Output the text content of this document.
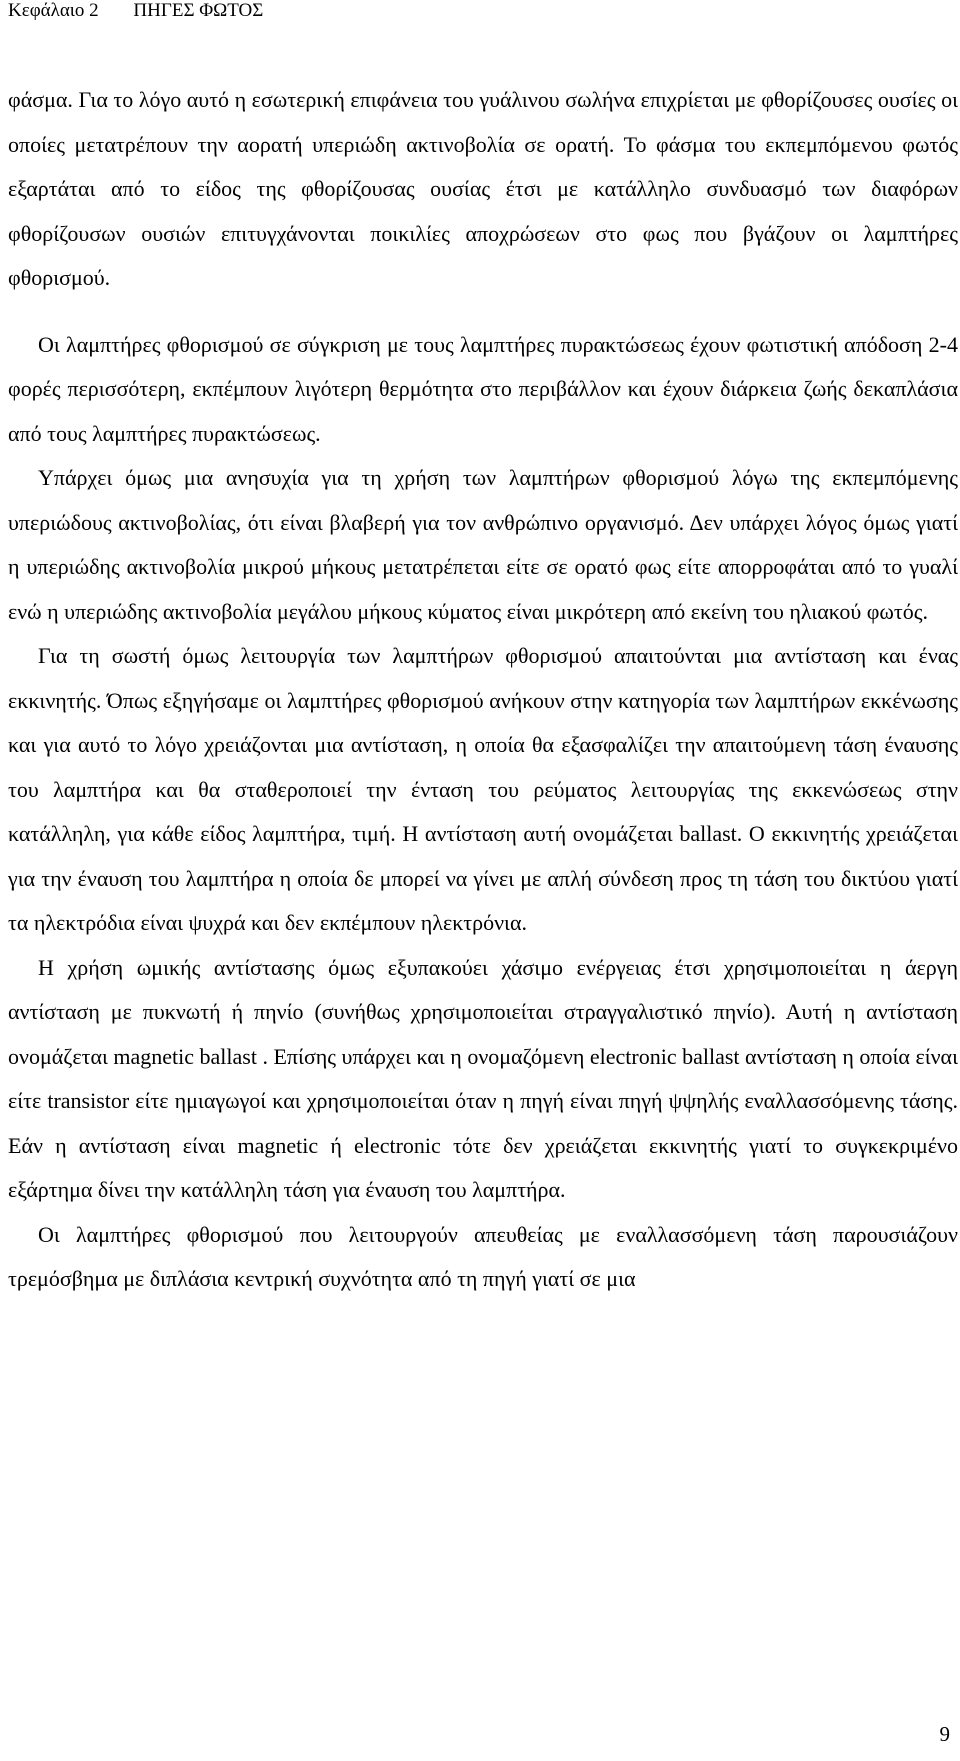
Κεφάλαιο 2 ΠΗΓΕΣ ΦΩΤΟΣ

φάσμα. Για το λόγο αυτό η εσωτερική επιφάνεια του γυάλινου σωλήνα επιχρίεται με φθορίζουσες ουσίες οι οποίες μετατρέπουν την αορατή υπεριώδη ακτινοβολία σε ορατή. Το φάσμα του εκπεμπόμενου φωτός εξαρτάται από το είδος της φθορίζουσας ουσίας έτσι με κατάλληλο συνδυασμό των διαφόρων φθορίζουσων ουσιών επιτυγχάνονται ποικιλίες αποχρώσεων στο φως που βγάζουν οι λαμπτήρες φθορισμού.

Οι λαμπτήρες φθορισμού σε σύγκριση με τους λαμπτήρες πυρακτώσεως έχουν φωτιστική απόδοση 2-4 φορές περισσότερη, εκπέμπουν λιγότερη θερμότητα στο περιβάλλον και έχουν διάρκεια ζωής δεκαπλάσια από τους λαμπτήρες πυρακτώσεως.

Υπάρχει όμως μια ανησυχία για τη χρήση των λαμπτήρων φθορισμού λόγω της εκπεμπόμενης υπεριώδους ακτινοβολίας, ότι είναι βλαβερή για τον ανθρώπινο οργανισμό. Δεν υπάρχει λόγος όμως γιατί η υπεριώδης ακτινοβολία μικρού μήκους μετατρέπεται είτε σε ορατό φως είτε απορροφάται από το γυαλί ενώ η υπεριώδης ακτινοβολία μεγάλου μήκους κύματος είναι μικρότερη από εκείνη του ηλιακού φωτός.

Για τη σωστή όμως λειτουργία των λαμπτήρων φθορισμού απαιτούνται μια αντίσταση και ένας εκκινητής. Όπως εξηγήσαμε οι λαμπτήρες φθορισμού ανήκουν στην κατηγορία των λαμπτήρων εκκένωσης και για αυτό το λόγο χρειάζονται μια αντίσταση, η οποία θα εξασφαλίζει την απαιτούμενη τάση έναυσης του λαμπτήρα και θα σταθεροποιεί την ένταση του ρεύματος λειτουργίας της εκκενώσεως στην κατάλληλη, για κάθε είδος λαμπτήρα, τιμή. Η αντίσταση αυτή ονομάζεται ballast. Ο εκκινητής χρειάζεται για την έναυση του λαμπτήρα η οποία δε μπορεί να γίνει με απλή σύνδεση προς τη τάση του δικτύου γιατί τα ηλεκτρόδια είναι ψυχρά και δεν εκπέμπουν ηλεκτρόνια.

Η χρήση ωμικής αντίστασης όμως εξυπακούει χάσιμο ενέργειας έτσι χρησιμοποιείται η άεργη αντίσταση με πυκνωτή ή πηνίο (συνήθως χρησιμοποιείται στραγγαλιστικό πηνίο). Αυτή η αντίσταση ονομάζεται magnetic ballast . Επίσης υπάρχει και η ονομαζόμενη electronic ballast αντίσταση η οποία είναι είτε transistor είτε ημιαγωγοί και χρησιμοποιείται όταν η πηγή είναι πηγή ψψηλής εναλλασσόμενης τάσης. Εάν η αντίσταση είναι magnetic ή electronic τότε δεν χρειάζεται εκκινητής γιατί το συγκεκριμένο εξάρτημα δίνει την κατάλληλη τάση για έναυση του λαμπτήρα.

Οι λαμπτήρες φθορισμού που λειτουργούν απευθείας με εναλλασσόμενη τάση παρουσιάζουν τρεμόσβημα με διπλάσια κεντρική συχνότητα από τη πηγή γιατί σε μια

9
